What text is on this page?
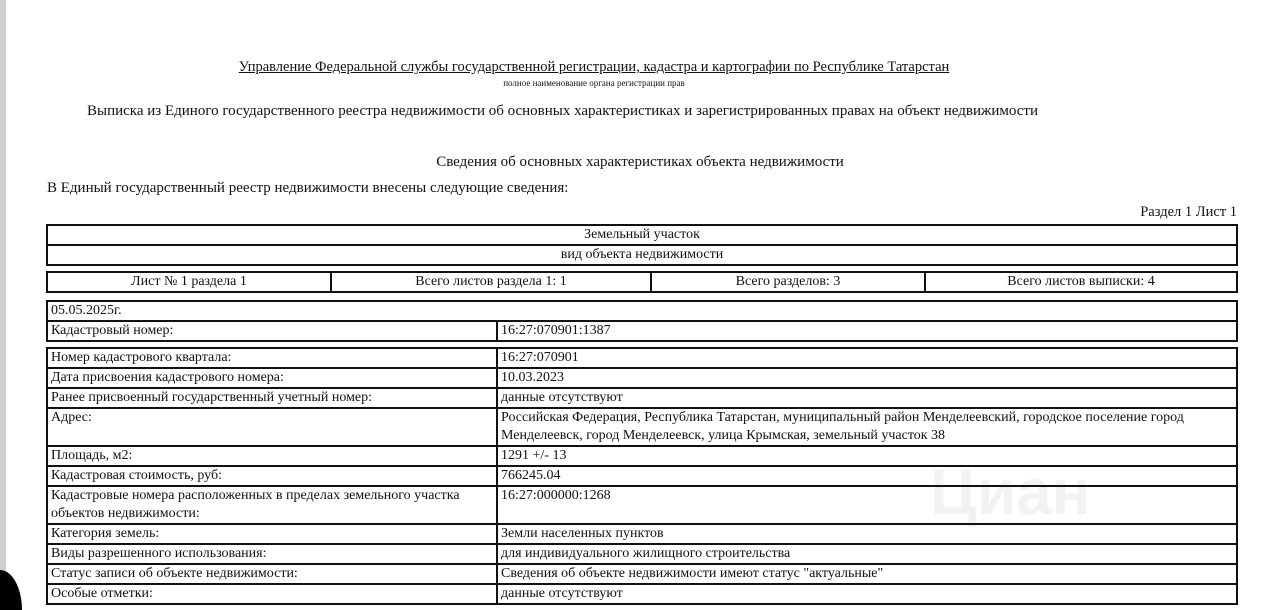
Циан
Управление Федеральной службы государственной регистрации, кадастра и картографии по Республике Татарстан
полное наименование органа регистрации прав
Выписка из Единого государственного реестра недвижимости об основных характеристиках и зарегистрированных правах на объект недвижимости
Сведения об основных характеристиках объекта недвижимости
В Единый государственный реестр недвижимости внесены следующие сведения:
Раздел 1 Лист 1
Земельный участок
вид объекта недвижимости
Лист № 1 раздела 1	Всего листов раздела 1: 1	Всего разделов: 3	Всего листов выписки: 4
05.05.2025г.
Кадастровый номер:	16:27:070901:1387
Номер кадастрового квартала:	16:27:070901
Дата присвоения кадастрового номера:	10.03.2023
Ранее присвоенный государственный учетный номер:	данные отсутствуют
Адрес:	Российская Федерация, Республика Татарстан, муниципальный район Менделеевский, городское поселение город Менделеевск, город Менделеевск, улица Крымская, земельный участок 38
Площадь, м2:	1291 +/- 13
Кадастровая стоимость, руб:	766245.04
Кадастровые номера расположенных в пределах земельного участка объектов недвижимости:	16:27:000000:1268
Категория земель:	Земли населенных пунктов
Виды разрешенного использования:	для индивидуального жилищного строительства
Статус записи об объекте недвижимости:	Сведения об объекте недвижимости имеют статус "актуальные"
Особые отметки:	данные отсутствуют
